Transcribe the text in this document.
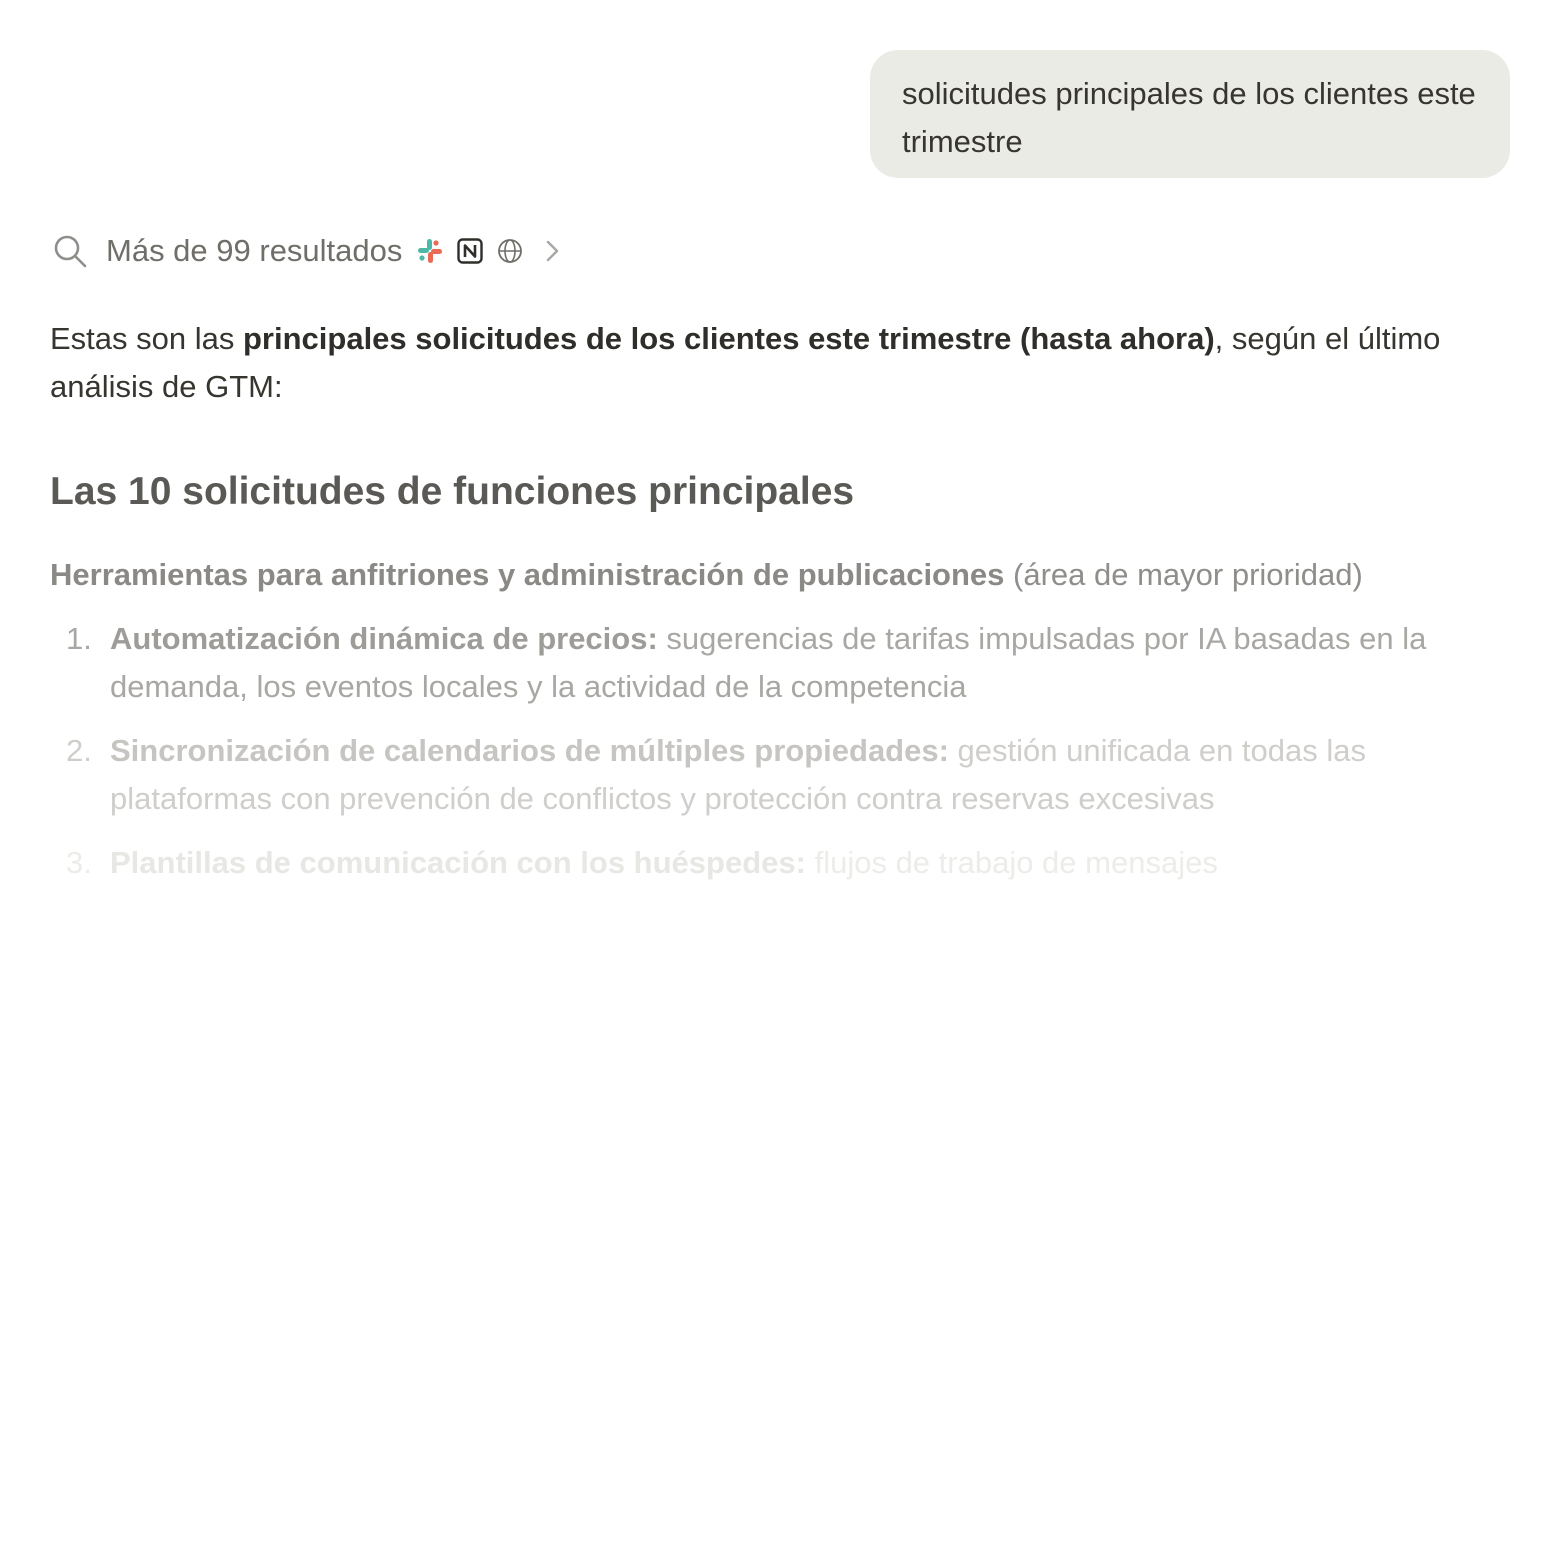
solicitudes principales de los clientes este trimestre
Más de 99 resultados
Estas son las principales solicitudes de los clientes este trimestre (hasta ahora), según el último análisis de GTM:
Las 10 solicitudes de funciones principales
Herramientas para anfitriones y administración de publicaciones (área de mayor prioridad)
1. Automatización dinámica de precios: sugerencias de tarifas impulsadas por IA basadas en la demanda, los eventos locales y la actividad de la competencia
2. Sincronización de calendarios de múltiples propiedades: gestión unificada en todas las plataformas con prevención de conflictos y protección contra reservas excesivas
3. Plantillas de comunicación con los huéspedes: flujos de trabajo de mensajes
